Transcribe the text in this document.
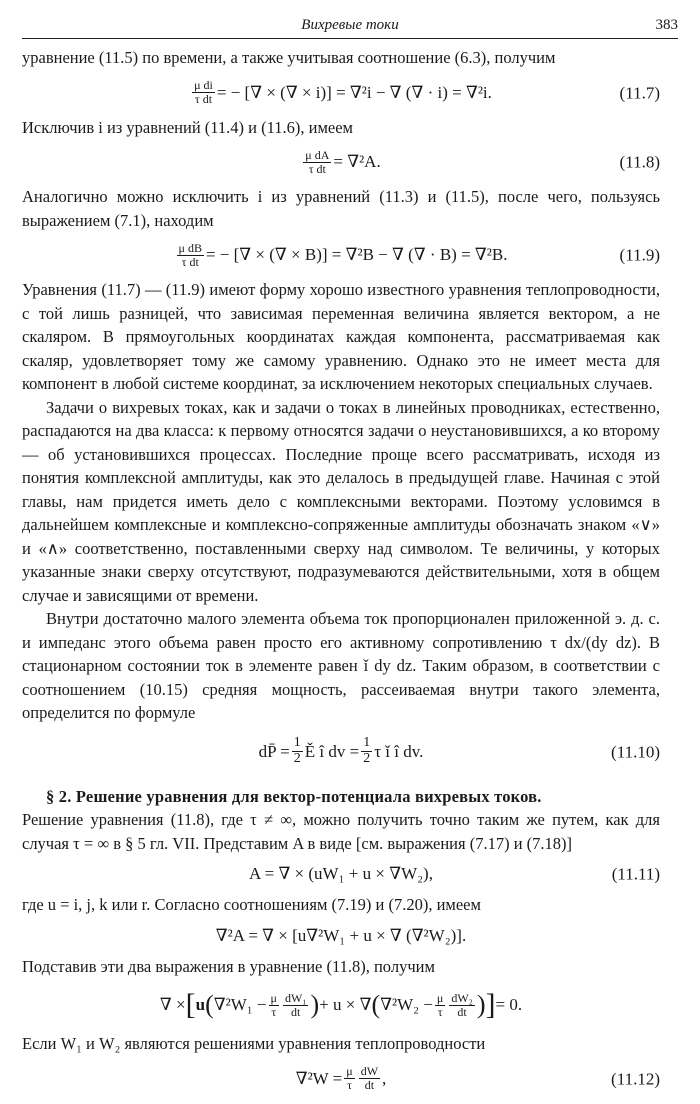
Вихревые токи	383

уравнение (11.5) по времени, а также учитывая соотношение (6.3), получим

$\frac{\text{μ di}}{\text{τ dt}}$ = − [∇ × (∇ × i)] = ∇²i − ∇ (∇ · i) = ∇²i.	(11.7)

Исключив i из уравнений (11.4) и (11.6), имеем

$\frac{\text{μ dA}}{\text{τ dt}} = \nabla^2A$.	(11.8)

Аналогично можно исключить i из уравнений (11.3) и (11.5), после чего, пользуясь выражением (7.1), находим

$\frac{\text{μ dB}}{\text{τ dt}}$ = − [∇ × (∇ × B)] = ∇²B − ∇ (∇ · B) = ∇²B.	(11.9)

Уравнения (11.7) — (11.9) имеют форму хорошо известного уравнения теплопроводности, с той лишь разницей, что зависимая переменная величина является вектором, а не скаляром. В прямоугольных координатах каждая компонента, рассматриваемая как скаляр, удовлетворяет тому же самому уравнению. Однако это не имеет места для компонент в любой системе координат, за исключением некоторых специальных случаев.

Задачи о вихревых токах, как и задачи о токах в линейных проводниках, естественно, распадаются на два класса: к первому относятся задачи о неустановившихся, а ко второму — об установившихся процессах. Последние проще всего рассматривать, исходя из понятия комплексной амплитуды, как это делалось в предыдущей главе. Начиная с этой главы, нам придется иметь дело с комплексными векторами. Поэтому условимся в дальнейшем комплексные и комплексно-сопряженные амплитуды обозначать знаком «∨» и «∧» соответственно, поставленными сверху над символом. Те величины, у которых указанные знаки сверху отсутствуют, подразумеваются действительными, хотя в общем случае и зависящими от времени.

Внутри достаточно малого элемента объема ток пропорционален приложенной э. д. с. и импеданс этого объема равен просто его активному сопротивлению τ dx/(dy dz). В стационарном состоянии ток в элементе равен ǐ dy dz. Таким образом, в соответствии с соотношением (10.15) средняя мощность, рассеиваемая внутри такого элемента, определится по формуле

dP̄ = $\frac{1}{2}$ Ě î dv = $\frac{1}{2}$ τ ǐ î dv.	(11.10)

§ 2. Решение уравнения для вектор-потенциала вихревых токов.

Решение уравнения (11.8), где τ ≠ ∞, можно получить точно таким же путем, как для случая τ = ∞ в § 5 гл. VII. Представим A в виде [см. выражения (7.17) и (7.18)]

A = ∇ × (uW₁ + u × ∇W₂),	(11.11)

где u = i, j, k или r. Согласно соотношениям (7.19) и (7.20), имеем

∇²A = ∇ × [u∇²W₁ + u × ∇ (∇²W₂)].

Подставив эти два выражения в уравнение (11.8), получим

∇ × [ u ( $\nabla^2W_1 - \frac{\mu}{\tau} \frac{\text{dW₁}}{dt}$ ) + u × ∇ ( $\nabla^2W_2 - \frac{\mu}{\tau} \frac{\text{dW₂}}{dt}$ ) ] = 0.

Если W₁ и W₂ являются решениями уравнения теплопроводности

$\nabla^2W = \frac{\mu}{\tau} \frac{dW}{dt}$ ,	(11.12)
